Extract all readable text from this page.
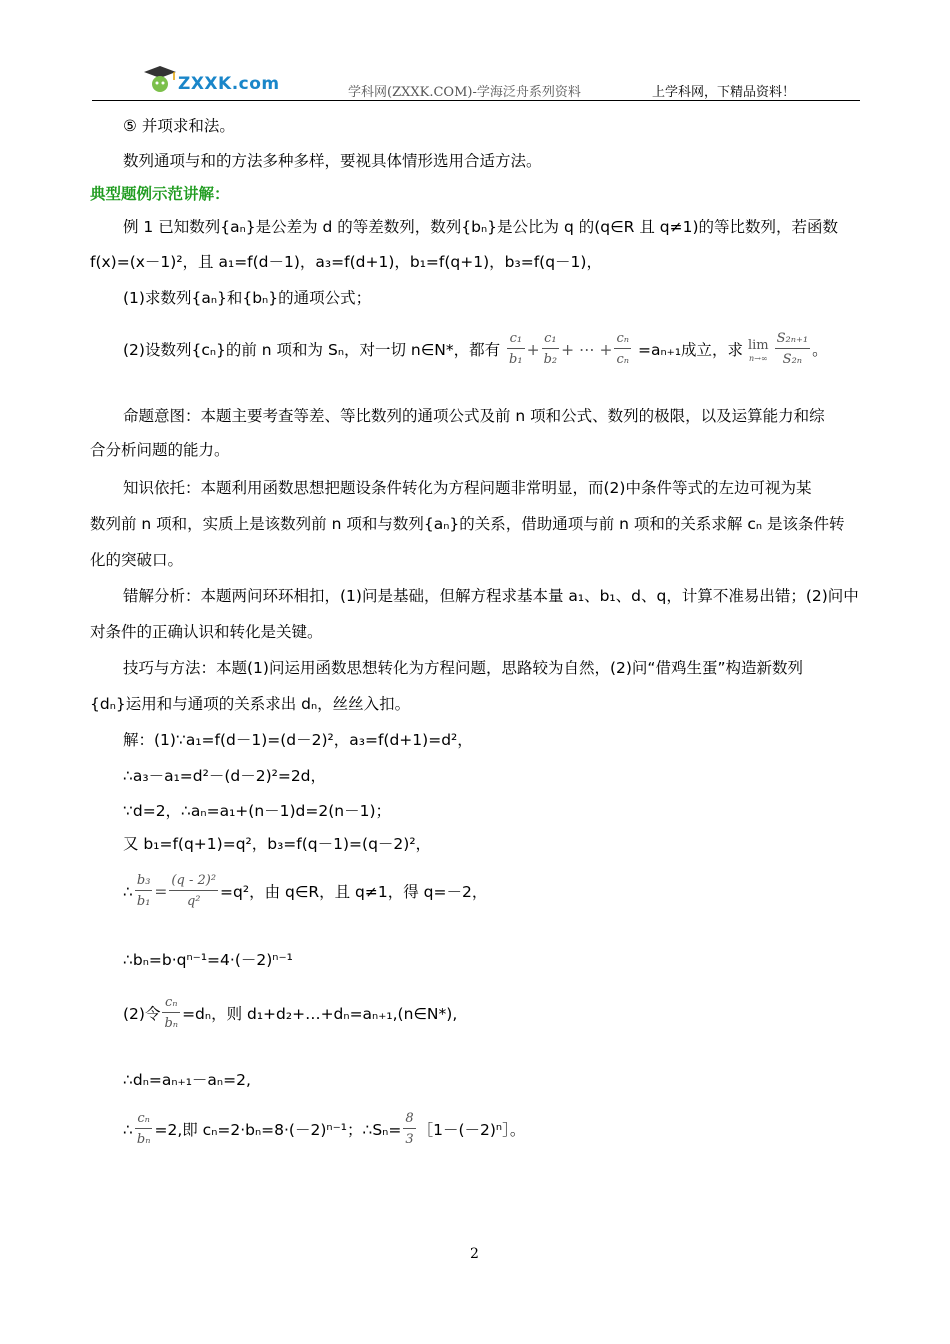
ZXXK.com	学科网(ZXXK.COM)-学海泛舟系列资料	上学科网，下精品资料！
⑤ 并项求和法。
数列通项与和的方法多种多样，要视具体情形选用合适方法。
典型题例示范讲解：
例 1 已知数列{aₙ}是公差为 d 的等差数列，数列{bₙ}是公比为 q 的(q∈R 且 q≠1)的等比数列，若函数
f(x)=(x－1)²，且 a₁=f(d－1)，a₃=f(d+1)，b₁=f(q+1)，b₃=f(q－1)，
(1)求数列{aₙ}和{bₙ}的通项公式；
(2)设数列{cₙ}的前 n 项和为 Sₙ，对一切 n∈N*，都有 $\frac{\text{c₁}}{\text{b₁}} + \frac{\text{c₁}}{\text{b₂}}$ + ⋯ + $\frac{\text{cₙ}}{\text{cₙ}} =a_{n+1}$成立，求 lim
$n\to\infty \frac{\text{S₂ₙ₊₁}}{\text{S₂ₙ}}$ 。
命题意图：本题主要考查等差、等比数列的通项公式及前 n 项和公式、数列的极限，以及运算能力和综
合分析问题的能力。
知识依托：本题利用函数思想把题设条件转化为方程问题非常明显，而(2)中条件等式的左边可视为某
数列前 n 项和，实质上是该数列前 n 项和与数列{aₙ}的关系，借助通项与前 n 项和的关系求解 cₙ 是该条件转
化的突破口。
错解分析：本题两问环环相扣，(1)问是基础，但解方程求基本量 a₁、b₁、d、q，计算不准易出错；(2)问中
对条件的正确认识和转化是关键。
技巧与方法：本题(1)问运用函数思想转化为方程问题，思路较为自然，(2)问“借鸡生蛋”构造新数列
{dₙ}运用和与通项的关系求出 dₙ，丝丝入扣。
解：(1)∵a₁=f(d－1)=(d－2)²，a₃=f(d+1)=d²，
∴a₃－a₁=d²－(d－2)²=2d，
∵d=2，∴aₙ=a₁+(n－1)d=2(n－1)；
又 b₁=f(q+1)=q²，b₃=f(q－1)=(q－2)²，
∴ $\frac{\text{b₃}}{\text{b₁}} = \frac{\text{(q - 2)²}}{\text{q²}} =q^2$，由 q∈R，且 q≠1，得 q=－2，
∴bₙ=b·qⁿ⁻¹=4·(－2)ⁿ⁻¹
(2)令 $\frac{\text{cₙ}}{\text{bₙ}} =d_n$，则 d₁+d₂+…+dₙ=aₙ₊₁,(n∈N*),
∴dₙ=aₙ₊₁－aₙ=2,
∴ $\frac{\text{cₙ}}{\text{bₙ}} =2$,即 cₙ=2·bₙ=8·(－2)ⁿ⁻¹；∴Sₙ= $\frac{8}{3}$ ［1－(－2)ⁿ］。
2
